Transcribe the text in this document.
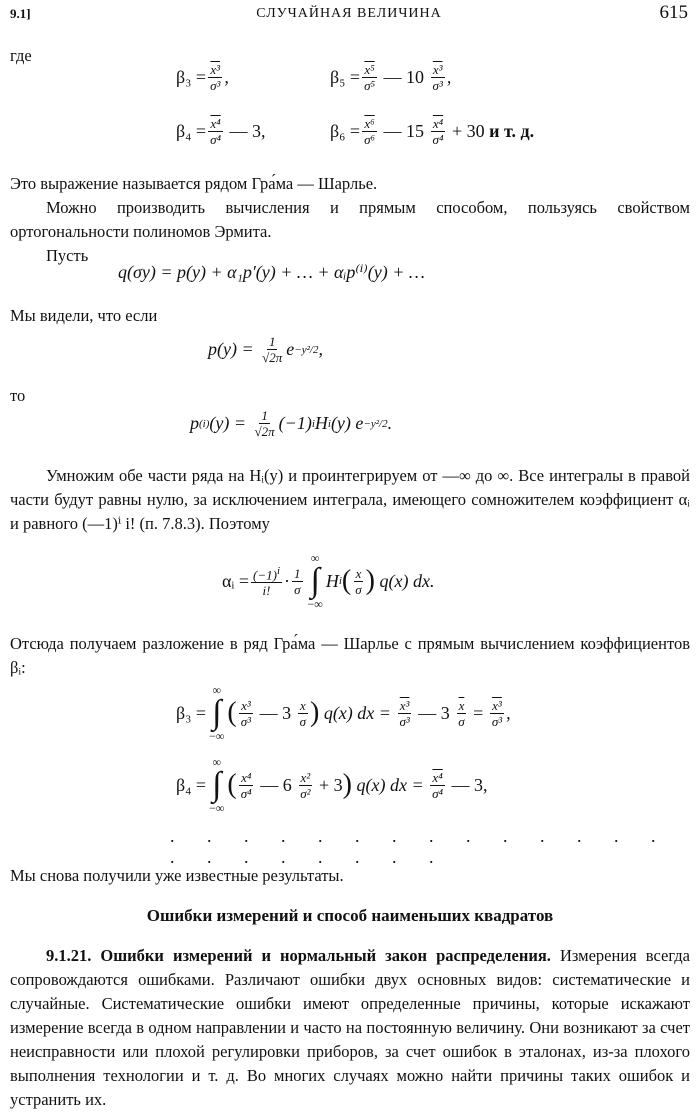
9.1]	СЛУЧАЙНАЯ ВЕЛИЧИНА	615
где
$\beta_3 = \frac{\text{x³}}{\text{σ³}}$ ,	$\beta_5 = \frac{\text{x⁵}}{\text{σ⁵}}$ — $10 \frac{\text{x³}}{\text{σ³}}$ ,
$\beta_4 = \frac{\text{x⁴}}{\text{σ⁴}}$ — 3,	$\beta_6 = \frac{\text{x⁶}}{\text{σ⁶}}$ — $15 \frac{\text{x⁴}}{\text{σ⁴}} + 30$ и т. д.
Это выражение называется рядом Гра́ма — Шарлье.
Можно производить вычисления и прямым способом, пользуясь свойством ортогональности полиномов Эрмита.
Пусть
q(σy) = p(y) + α₁p′(y) + … + αᵢp⁽ⁱ⁾(y) + …
Мы видели, что если
$p(y) = \frac{1}{√2\pi}$ e −y²/2 ,
то
p (i) $(y) = \frac{1}{√2\pi} (-1)$ i H i (y) e −y²/2 .
Умножим обе части ряда на Hᵢ(y) и проинтегрируем от —∞ до ∞. Все интегралы в правой части будут равны нулю, за исключением интеграла, имеющего сомножителем коэффициент αᵢ и равного (—1)ⁱ i! (п. 7.8.3). Поэтому
αᵢ = $\frac{(-1)^i}{i!} \cdot \frac{1}{\sigma}$
∞
∫
−∞
H i ( $\frac{x}{\sigma}$ )
q(x) dx.
Отсюда получаем разложение в ряд Гра́ма — Шарлье с прямым вычислением коэффициентов βᵢ:
β₃ =
∞
∫
−∞
( $\frac{\text{x³}}{\text{σ³}}$ — $3 \frac{x}{\sigma}$ ) q(x) dx = $\frac{\text{x³}}{\text{σ³}}$ — $3 \frac{\overline{x}}{\sigma} = \frac{\text{x³}}{\text{σ³}}$ ,
β₄ =
∞
∫
−∞
( $\frac{\text{x⁴}}{\text{σ⁴}}$ — $6 \frac{\text{x²}}{\text{σ²}} + 3$ ) q(x) dx = $\frac{\text{x⁴}}{\text{σ⁴}}$ — 3,
. . . . . . . . . . . . . . . . . . . . . .
Мы снова получили уже известные результаты.
Ошибки измерений и способ наименьших квадратов
9.1.21. Ошибки измерений и нормальный закон распределения. Измерения всегда сопровождаются ошибками. Различают ошибки двух основных видов: систематические и случайные. Систематические ошибки имеют определенные причины, которые искажают измерение всегда в одном направлении и часто на постоянную величину. Они возникают за счет неисправности или плохой регулировки приборов, за счет ошибок в эталонах, из-за плохого выполнения технологии и т. д. Во многих случаях можно найти причины таких ошибок и устранить их.
